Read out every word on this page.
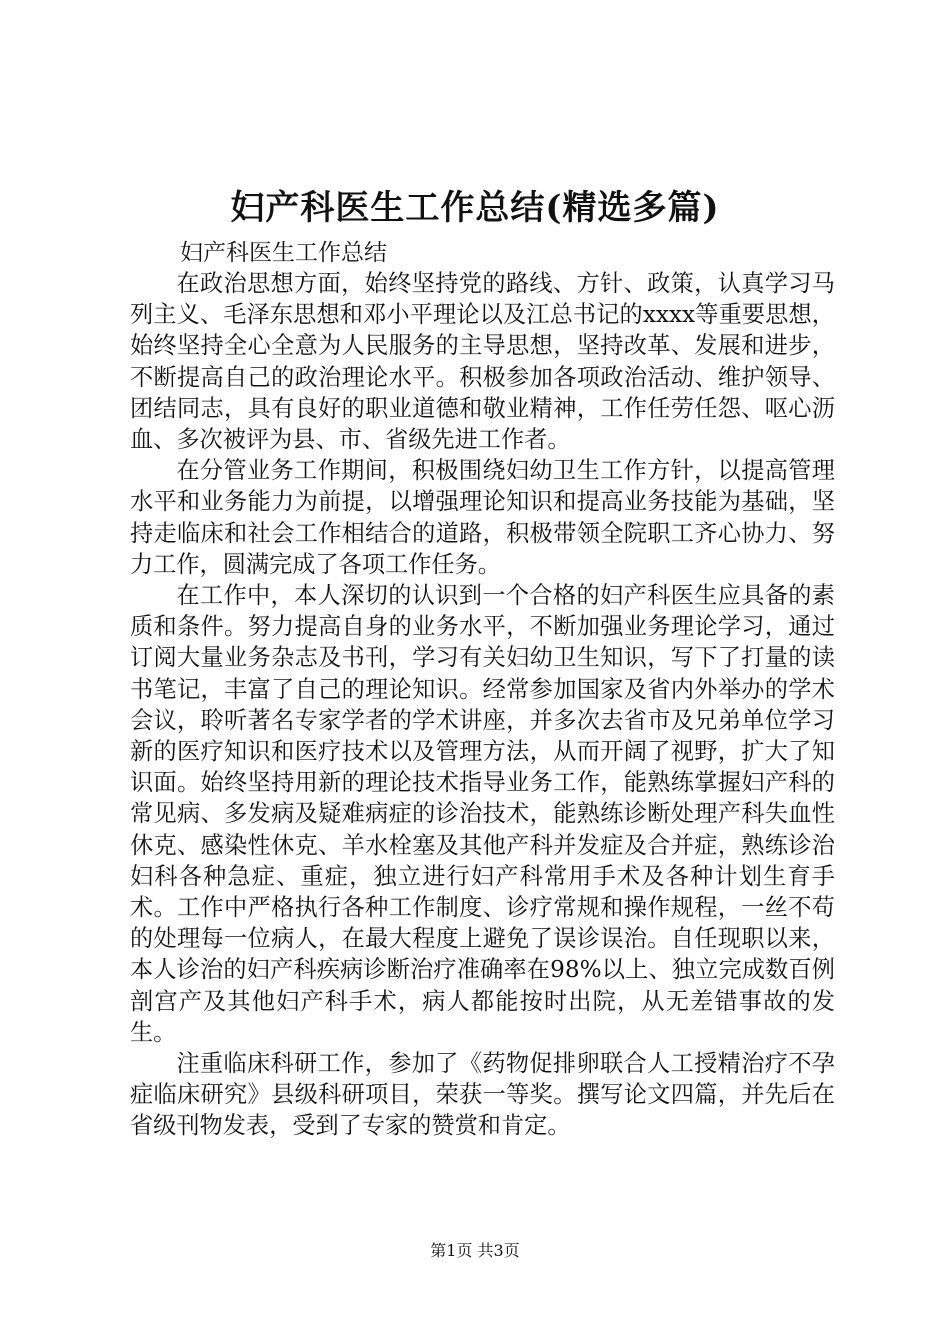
妇产科医生工作总结(精选多篇)
妇产科医生工作总结

在政治思想方面，始终坚持党的路线、方针、政策，认真学习马列主义、毛泽东思想和邓小平理论以及江总书记的xxxx等重要思想，始终坚持全心全意为人民服务的主导思想，坚持改革、发展和进步，不断提高自己的政治理论水平。积极参加各项政治活动、维护领导、团结同志，具有良好的职业道德和敬业精神，工作任劳任怨、呕心沥血、多次被评为县、市、省级先进工作者。

在分管业务工作期间，积极围绕妇幼卫生工作方针，以提高管理水平和业务能力为前提，以增强理论知识和提高业务技能为基础，坚持走临床和社会工作相结合的道路，积极带领全院职工齐心协力、努力工作，圆满完成了各项工作任务。

在工作中，本人深切的认识到一个合格的妇产科医生应具备的素质和条件。努力提高自身的业务水平，不断加强业务理论学习，通过订阅大量业务杂志及书刊，学习有关妇幼卫生知识，写下了打量的读书笔记，丰富了自己的理论知识。经常参加国家及省内外举办的学术会议，聆听著名专家学者的学术讲座，并多次去省市及兄弟单位学习新的医疗知识和医疗技术以及管理方法，从而开阔了视野，扩大了知识面。始终坚持用新的理论技术指导业务工作，能熟练掌握妇产科的常见病、多发病及疑难病症的诊治技术，能熟练诊断处理产科失血性休克、感染性休克、羊水栓塞及其他产科并发症及合并症，熟练诊治妇科各种急症、重症，独立进行妇产科常用手术及各种计划生育手术。工作中严格执行各种工作制度、诊疗常规和操作规程，一丝不苟的处理每一位病人，在最大程度上避免了误诊误治。自任现职以来，本人诊治的妇产科疾病诊断治疗准确率在98%以上、独立完成数百例剖宫产及其他妇产科手术，病人都能按时出院，从无差错事故的发生。

注重临床科研工作，参加了《药物促排卵联合人工授精治疗不孕症临床研究》县级科研项目，荣获一等奖。撰写论文四篇，并先后在省级刊物发表，受到了专家的赞赏和肯定。

第1页 共3页
